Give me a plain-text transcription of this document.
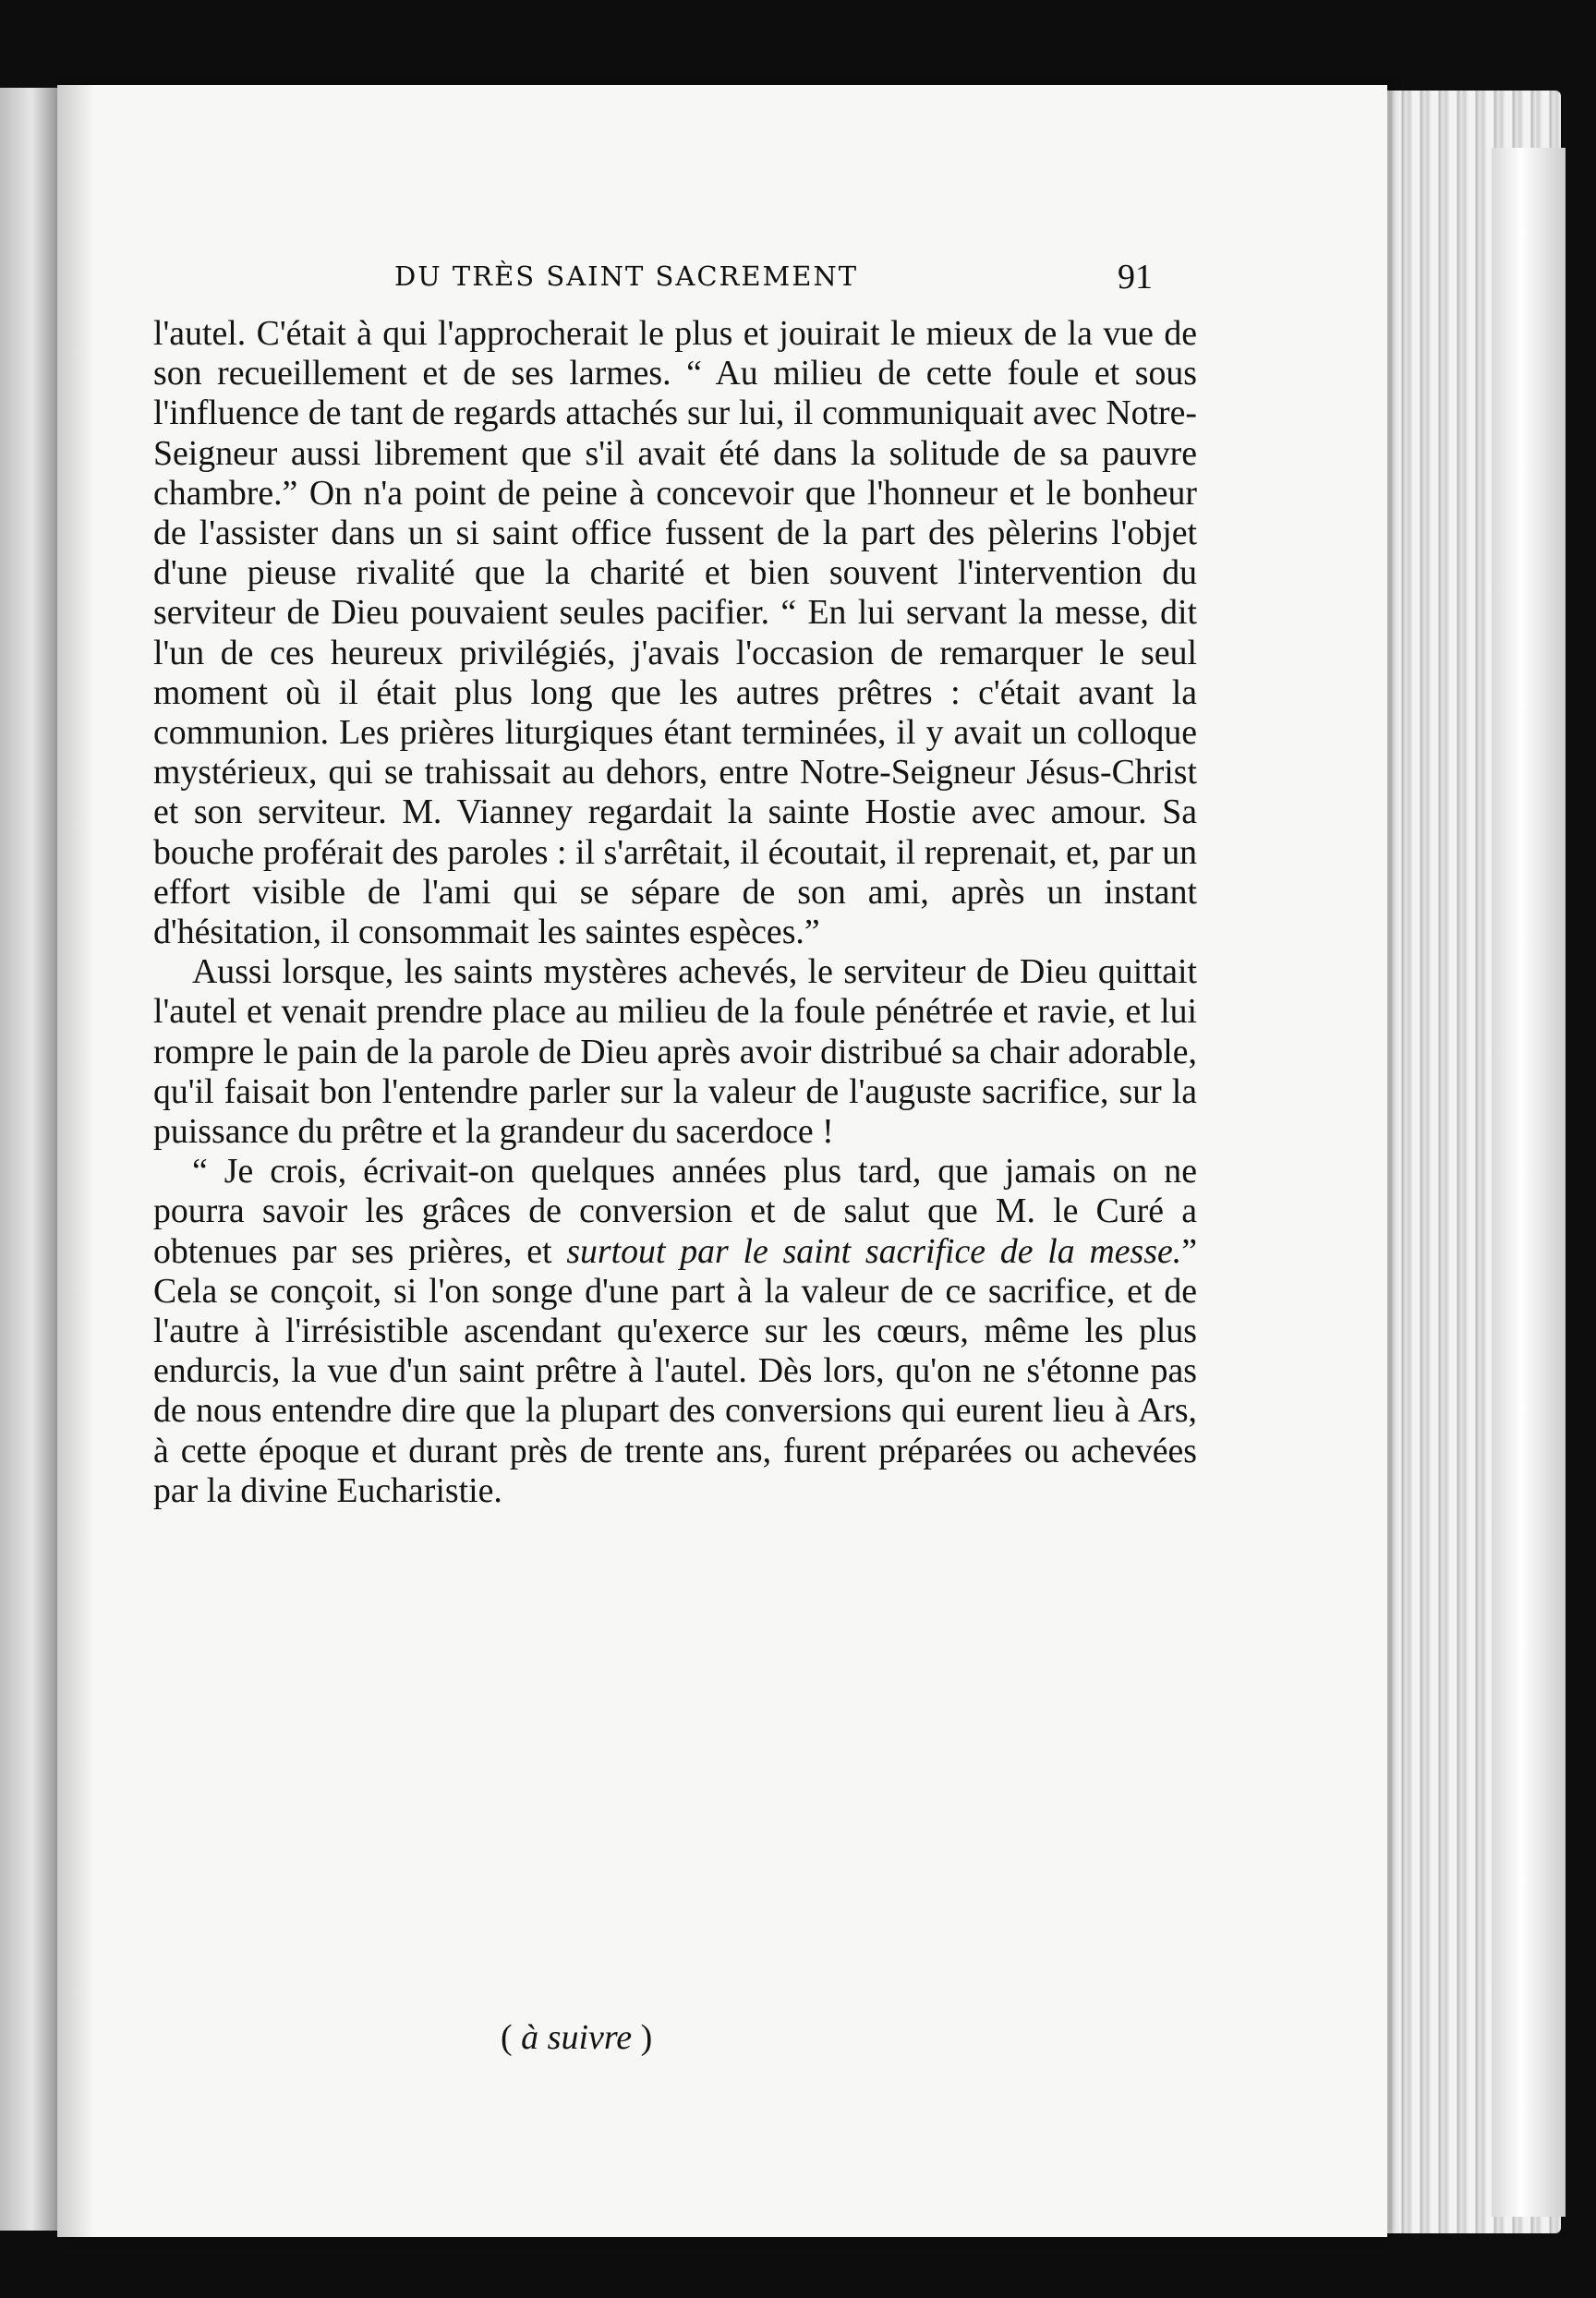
DU TRÈS SAINT SACREMENT	91

l'autel. C'était à qui l'approcherait le plus et jouirait le mieux de la vue de son recueillement et de ses larmes. “ Au milieu de cette foule et sous l'influence de tant de regards attachés sur lui, il communiquait avec Notre-Seigneur aussi librement que s'il avait été dans la solitude de sa pauvre chambre.” On n'a point de peine à concevoir que l'honneur et le bonheur de l'assister dans un si saint office fussent de la part des pèlerins l'objet d'une pieuse rivalité que la charité et bien souvent l'intervention du serviteur de Dieu pouvaient seules pacifier. “ En lui servant la messe, dit l'un de ces heureux privilégiés, j'avais l'occasion de remarquer le seul moment où il était plus long que les autres prêtres : c'était avant la communion. Les prières liturgiques étant terminées, il y avait un colloque mystérieux, qui se trahissait au dehors, entre Notre-Seigneur Jésus-Christ et son serviteur. M. Vianney regardait la sainte Hostie avec amour. Sa bouche proférait des paroles : il s'arrêtait, il écoutait, il reprenait, et, par un effort visible de l'ami qui se sépare de son ami, après un instant d'hésitation, il consommait les saintes espèces.”

Aussi lorsque, les saints mystères achevés, le serviteur de Dieu quittait l'autel et venait prendre place au milieu de la foule pénétrée et ravie, et lui rompre le pain de la parole de Dieu après avoir distribué sa chair adorable, qu'il faisait bon l'entendre parler sur la valeur de l'auguste sacrifice, sur la puissance du prêtre et la grandeur du sacerdoce !

“ Je crois, écrivait-on quelques années plus tard, que jamais on ne pourra savoir les grâces de conversion et de salut que M. le Curé a obtenues par ses prières, et surtout par le saint sacrifice de la messe.” Cela se conçoit, si l'on songe d'une part à la valeur de ce sacrifice, et de l'autre à l'irrésistible ascendant qu'exerce sur les cœurs, même les plus endurcis, la vue d'un saint prêtre à l'autel. Dès lors, qu'on ne s'étonne pas de nous entendre dire que la plupart des conversions qui eurent lieu à Ars, à cette époque et durant près de trente ans, furent préparées ou achevées par la divine Eucharistie.

( à suivre )
